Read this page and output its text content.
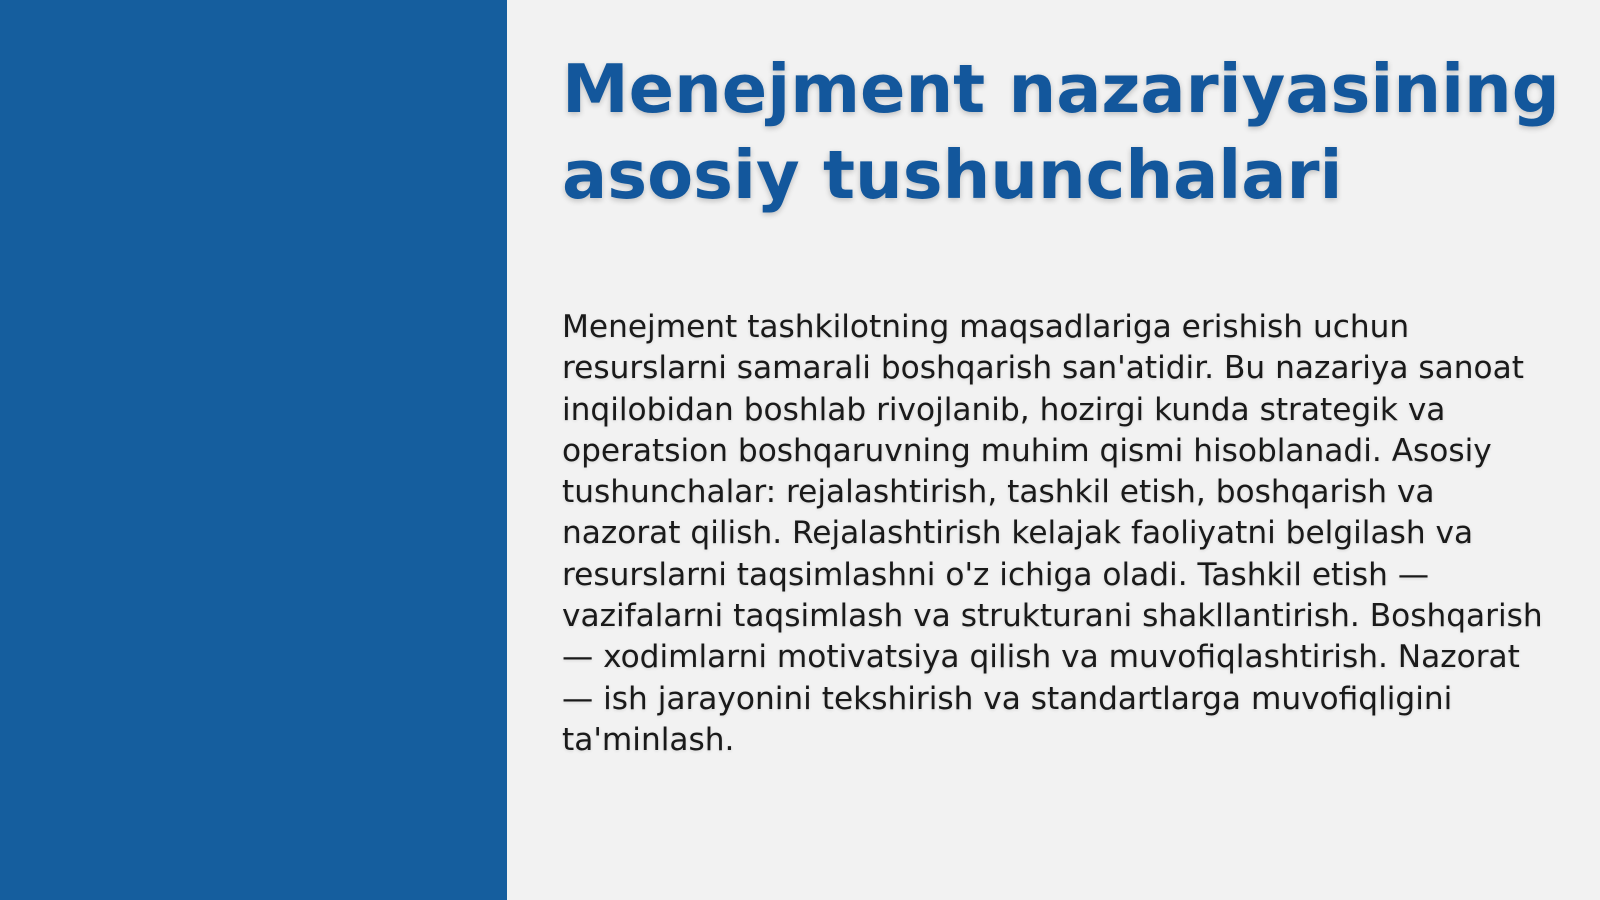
Menejment nazariyasining
asosiy tushunchalari

Menejment tashkilotning maqsadlariga erishish uchun resurslarni samarali boshqarish san'atidir. Bu nazariya sanoat inqilobidan boshlab rivojlanib, hozirgi kunda strategik va operatsion boshqaruvning muhim qismi hisoblanadi. Asosiy tushunchalar: rejalashtirish, tashkil etish, boshqarish va nazorat qilish. Rejalashtirish kelajak faoliyatni belgilash va resurslarni taqsimlashni o'z ichiga oladi. Tashkil etish — vazifalarni taqsimlash va strukturani shakllantirish. Boshqarish — xodimlarni motivatsiya qilish va muvofiqlashtirish. Nazorat — ish jarayonini tekshirish va standartlarga muvofiqligini ta'minlash.
